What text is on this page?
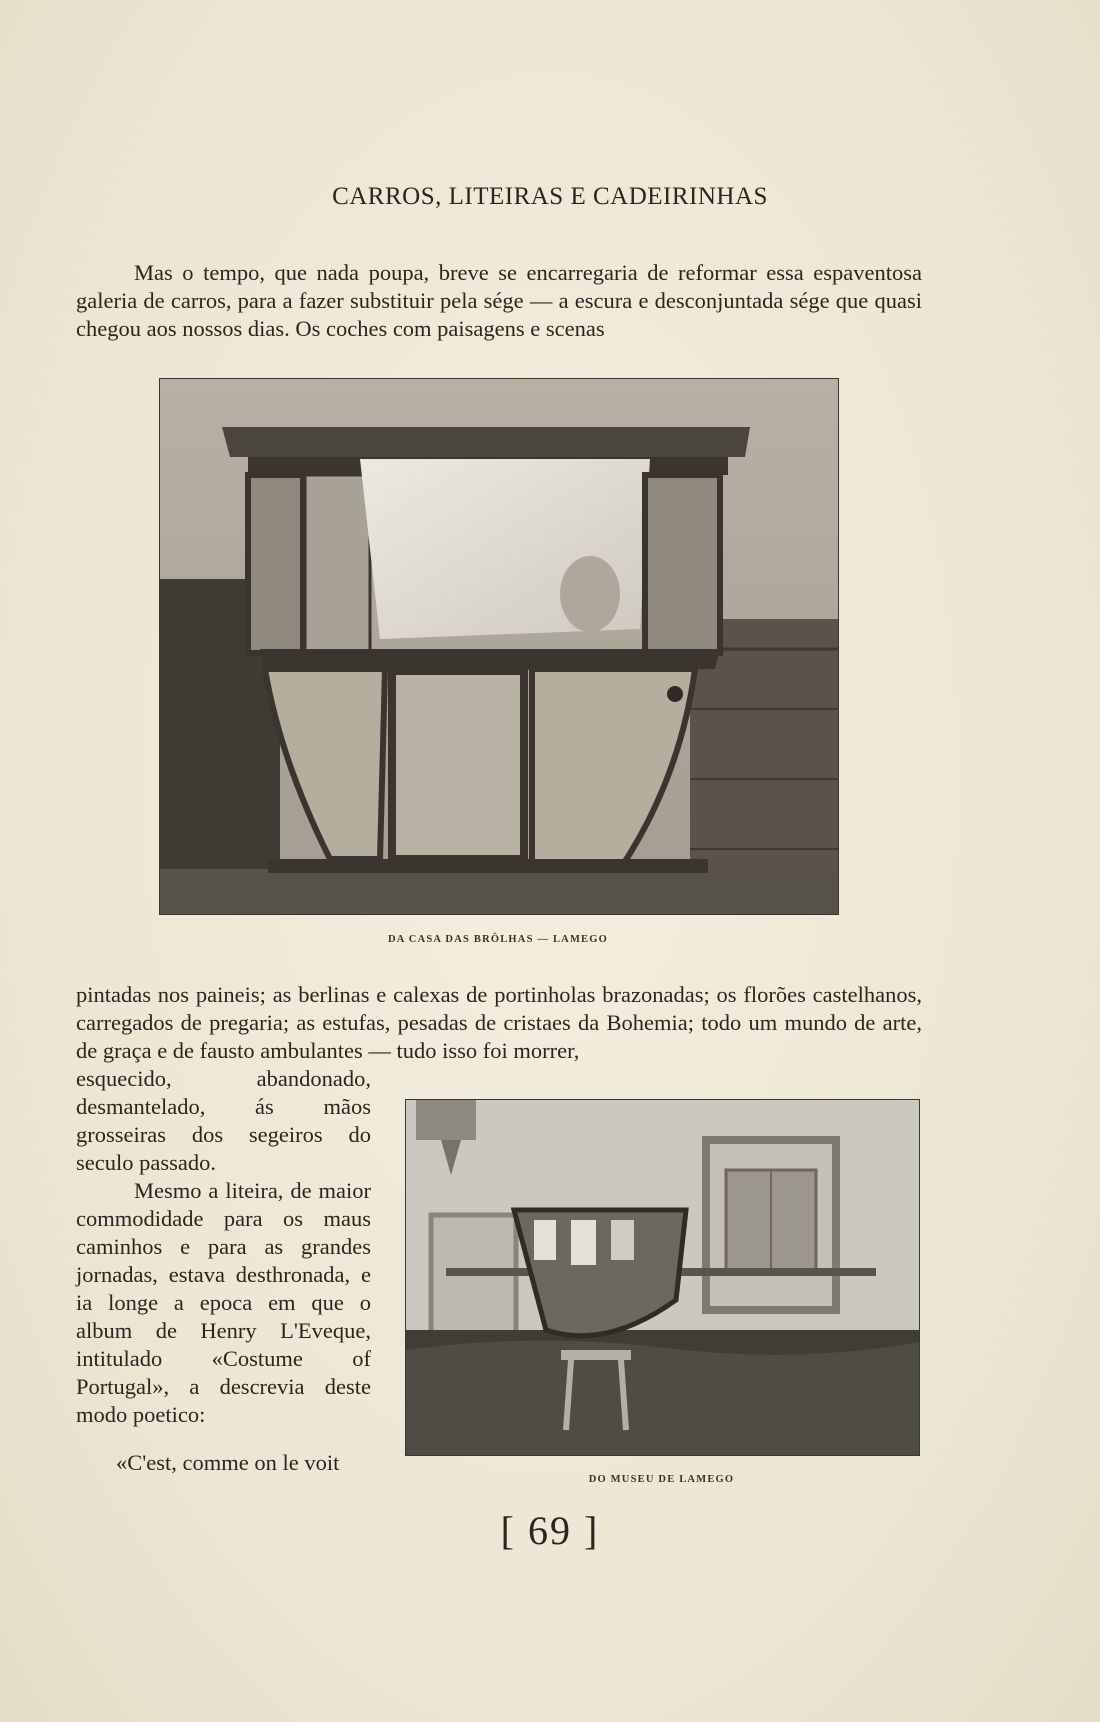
CARROS, LITEIRAS E CADEIRINHAS

Mas o tempo, que nada poupa, breve se encarregaria de reformar essa espaventosa galeria de carros, para a fazer substituir pela sége — a escura e desconjuntada sége que quasi chegou aos nossos dias. Os coches com paisagens e scenas

DA CASA DAS BRÔLHAS — LAMEGO

pintadas nos paineis; as berlinas e calexas de portinholas brazonadas; os florões castelhanos, carregados de pregaria; as estufas, pesadas de cristaes da Bohemia; todo um mundo de arte, de graça e de fausto ambulantes — tudo isso foi morrer,

esquecido, abandonado, desmantelado, ás mãos grosseiras dos segeiros do seculo passado.
Mesmo a liteira, de maior commodidade para os maus caminhos e para as grandes jornadas, estava desthronada, e ia longe a epoca em que o album de Henry L'Eveque, intitulado «Costume of Portugal», a descrevia deste modo poetico:

«C'est, comme on le voit

DO MUSEU DE LAMEGO
[ 69 ]
